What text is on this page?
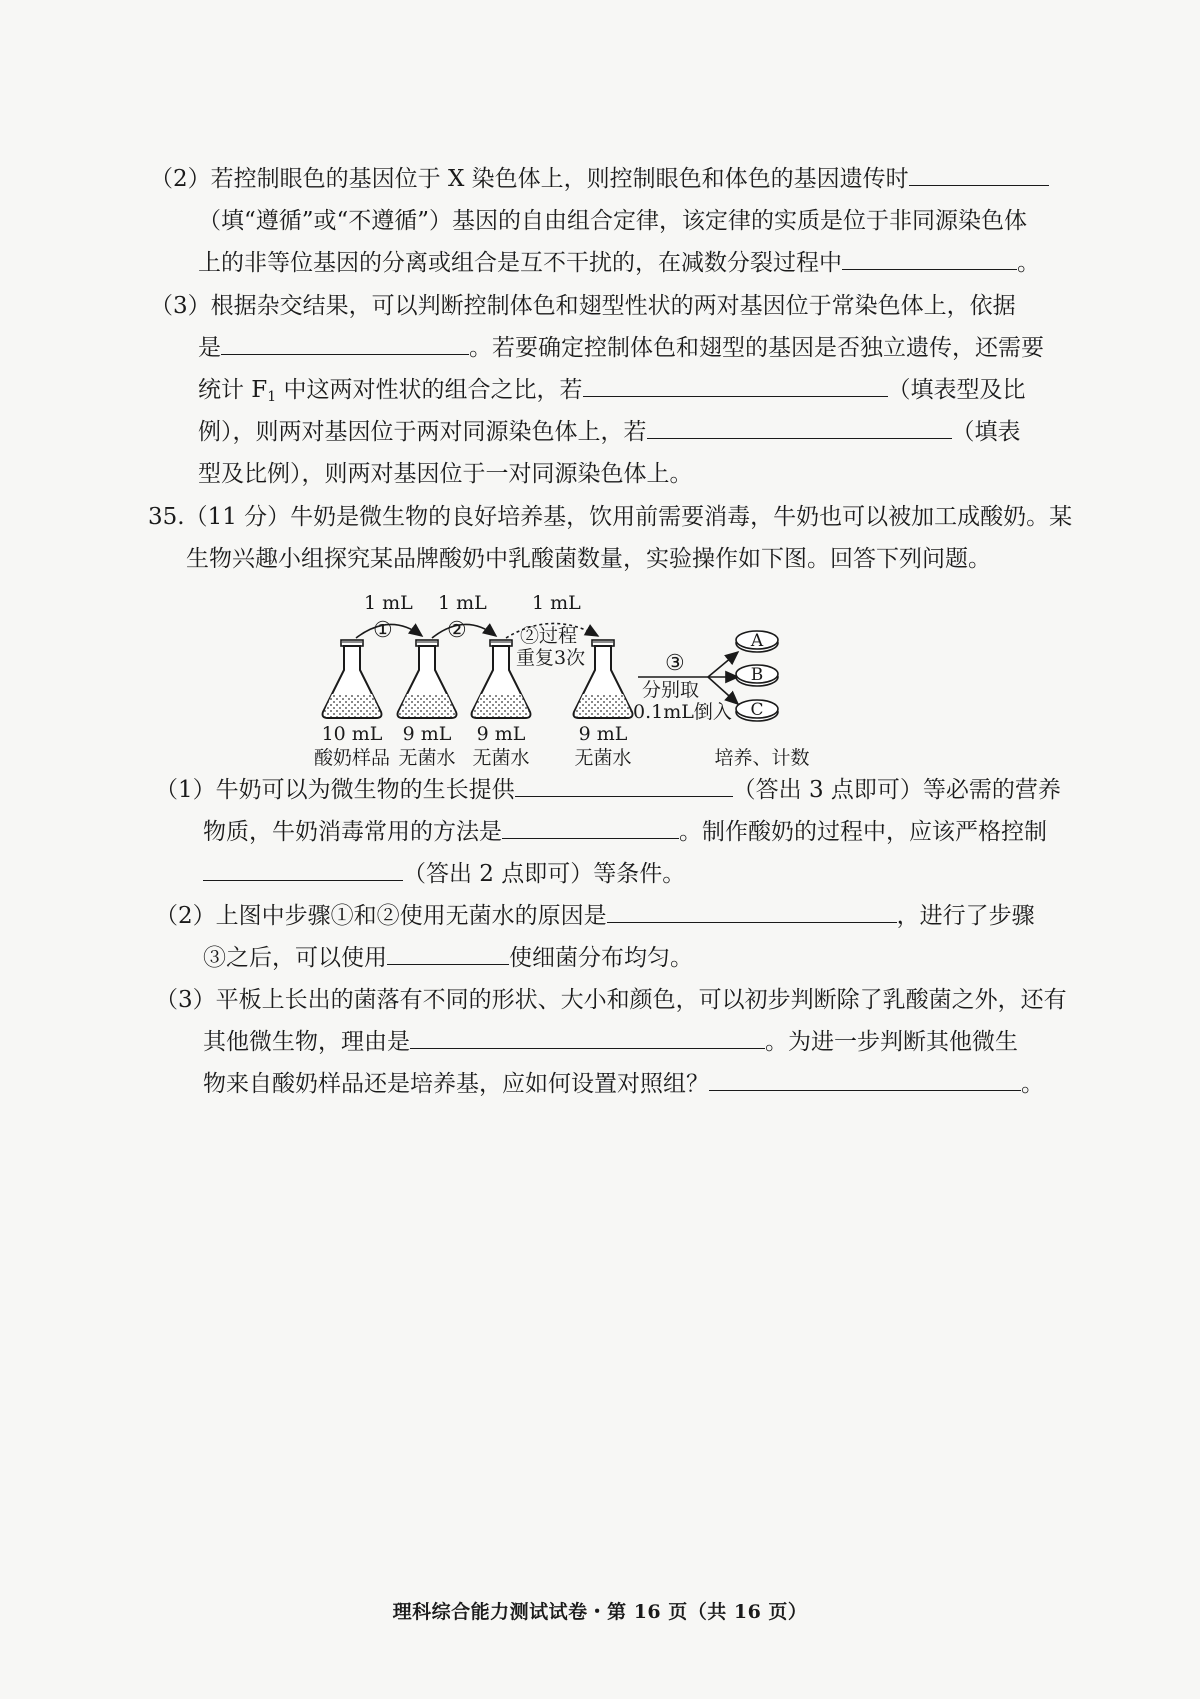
（2）若控制眼色的基因位于 X 染色体上，则控制眼色和体色的基因遗传时
（填“遵循”或“不遵循”）基因的自由组合定律，该定律的实质是位于非同源染色体
上的非等位基因的分离或组合是互不干扰的，在减数分裂过程中	。
（3）根据杂交结果，可以判断控制体色和翅型性状的两对基因位于常染色体上，依据
是	。若要确定控制体色和翅型的基因是否独立遗传，还需要
统计 $F_1$ 中这两对性状的组合之比，若	（填表型及比
例），则两对基因位于两对同源染色体上，若	（填表
型及比例），则两对基因位于一对同源染色体上。
35.（11 分）牛奶是微生物的良好培养基，饮用前需要消毒，牛奶也可以被加工成酸奶。某
生物兴趣小组探究某品牌酸奶中乳酸菌数量，实验操作如下图。回答下列问题。
1 mL 1 mL 1 mL
① ②	②过程
重复3次	③
分别取
0.1mL倒入
A
B
C
10 mL
酸奶样品
9 mL
无菌水
9 mL
无菌水
9 mL
无菌水	培养、计数
（1）牛奶可以为微生物的生长提供	（答出 3 点即可）等必需的营养
物质，牛奶消毒常用的方法是	。制作酸奶的过程中，应该严格控制
（答出 2 点即可）等条件。
（2）上图中步骤①和②使用无菌水的原因是	，进行了步骤
③之后，可以使用	使细菌分布均匀。
（3）平板上长出的菌落有不同的形状、大小和颜色，可以初步判断除了乳酸菌之外，还有
其他微生物，理由是	。为进一步判断其他微生
物来自酸奶样品还是培养基，应如何设置对照组？	。
理科综合能力测试试卷・第 16 页（共 16 页）
